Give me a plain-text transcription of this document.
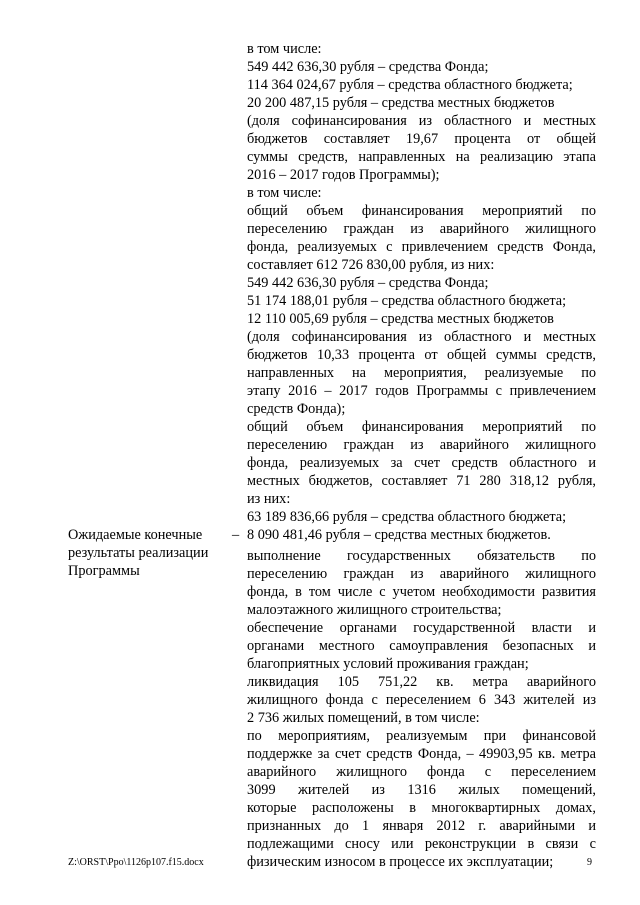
в том числе:
549 442 636,30 рубля – средства Фонда;
114 364 024,67 рубля – средства областного бюджета;
20 200 487,15 рубля – средства местных бюджетов
(доля софинансирования из областного и местных
бюджетов составляет 19,67 процента от общей
суммы средств, направленных на реализацию этапа
2016 – 2017 годов Программы);
в том числе:
общий объем финансирования мероприятий по
переселению граждан из аварийного жилищного
фонда, реализуемых с привлечением средств Фонда,
составляет 612 726 830,00 рубля, из них:
549 442 636,30 рубля – средства Фонда;
51 174 188,01 рубля – средства областного бюджета;
12 110 005,69 рубля – средства местных бюджетов
(доля софинансирования из областного и местных
бюджетов 10,33 процента от общей суммы средств,
направленных на мероприятия, реализуемые по
этапу 2016 – 2017 годов Программы с привлечением
средств Фонда);
общий объем финансирования мероприятий по
переселению граждан из аварийного жилищного
фонда, реализуемых за счет средств областного и
местных бюджетов, составляет 71 280 318,12 рубля,
из них:
63 189 836,66 рубля – средства областного бюджета;
8 090 481,46 рубля – средства местных бюджетов.
выполнение государственных обязательств по
переселению граждан из аварийного жилищного
фонда, в том числе с учетом необходимости развития
малоэтажного жилищного строительства;
обеспечение органами государственной власти и
органами местного самоуправления безопасных и
благоприятных условий проживания граждан;
ликвидация 105 751,22 кв. метра аварийного
жилищного фонда с переселением 6 343 жителей из
2 736 жилых помещений, в том числе:
по мероприятиям, реализуемым при финансовой
поддержке за счет средств Фонда, – 49903,95 кв. метра
аварийного жилищного фонда с переселением
3099 жителей из 1316 жилых помещений,
которые расположены в многоквартирных домах,
признанных до 1 января 2012 г. аварийными и
подлежащими сносу или реконструкции в связи с
физическим износом в процессе их эксплуатации;
Ожидаемые конечные
результаты реализации
Программы
–
Z:\ORST\Ppo\1126p107.f15.docx	9
